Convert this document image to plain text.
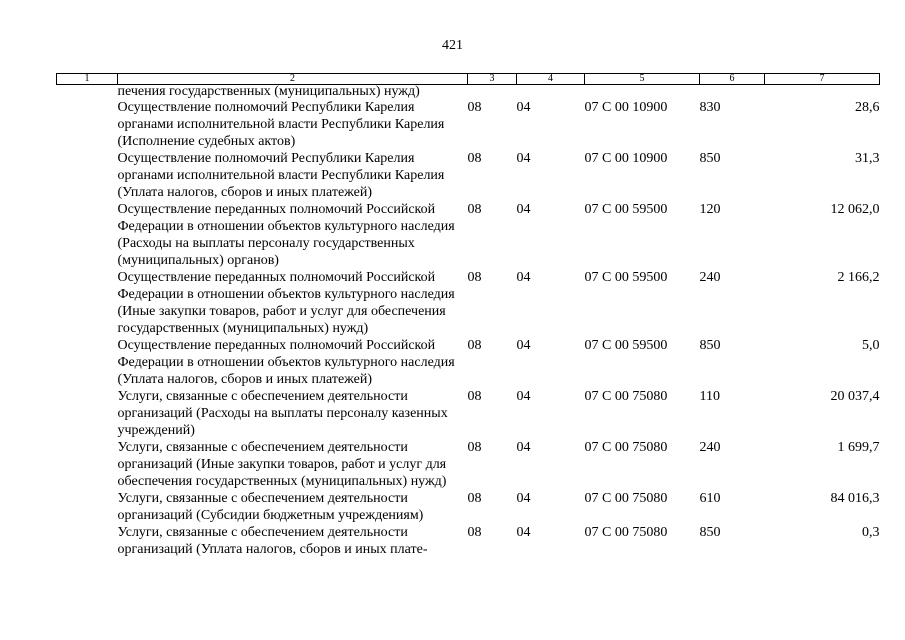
421
1	2	3	4	5	6	7
	печения государственных (муниципальных) нужд)					
	Осуществление полномочий Республики Карелия органами исполнительной власти Республики Карелия (Исполнение судебных актов)	08	04	07 С 00 10900	830	28,6
	Осуществление полномочий Республики Карелия органами исполнительной власти Республики Карелия (Уплата налогов, сборов и иных платежей)	08	04	07 С 00 10900	850	31,3
	Осуществление переданных полномочий Российской Федерации в отношении объектов культурного наследия (Расходы на выплаты персоналу государственных (муниципальных) органов)	08	04	07 С 00 59500	120	12 062,0
	Осуществление переданных полномочий Российской Федерации в отношении объектов культурного наследия (Иные закупки товаров, работ и услуг для обеспечения государственных (муниципальных) нужд)	08	04	07 С 00 59500	240	2 166,2
	Осуществление переданных полномочий Российской Федерации в отношении объектов культурного наследия (Уплата налогов, сборов и иных платежей)	08	04	07 С 00 59500	850	5,0
	Услуги, связанные с обеспечением деятельности организаций (Расходы на выплаты персоналу казенных учреждений)	08	04	07 С 00 75080	110	20 037,4
	Услуги, связанные с обеспечением деятельности организаций (Иные закупки товаров, работ и услуг для обеспечения государственных (муниципальных) нужд)	08	04	07 С 00 75080	240	1 699,7
	Услуги, связанные с обеспечением деятельности организаций (Субсидии бюджетным учреждениям)	08	04	07 С 00 75080	610	84 016,3
	Услуги, связанные с обеспечением деятельности организаций (Уплата налогов, сборов и иных плате-	08	04	07 С 00 75080	850	0,3
